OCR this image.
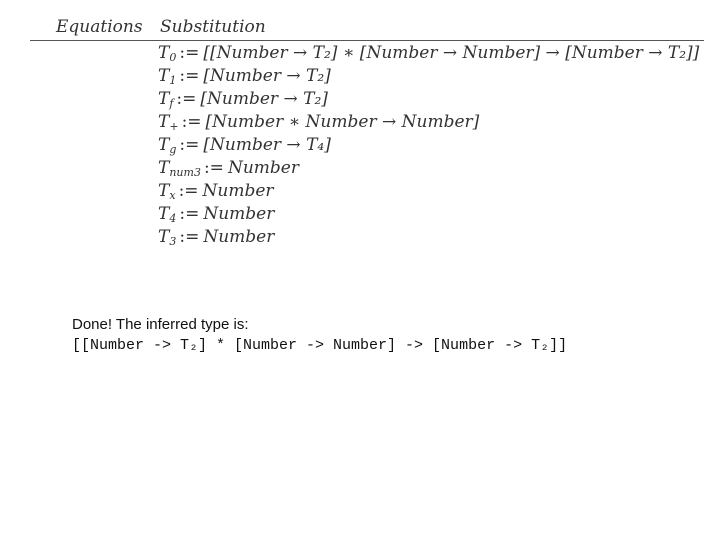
Equations Substitution
$T_0$ := [[Number → T₂] ∗ [Number → Number] → [Number → T₂]]
$T_1$ := [Number → T₂]
$T_f$ := [Number → T₂]
$T_+$ := [Number ∗ Number → Number]
$T_g$ := [Number → T₄]
$T_{num3}$ := Number
$T_x$ := Number
$T_4$ := Number
$T_3$ := Number
Done! The inferred type is:
[[Number -> T₂] * [Number -> Number] -> [Number -> T₂]]
